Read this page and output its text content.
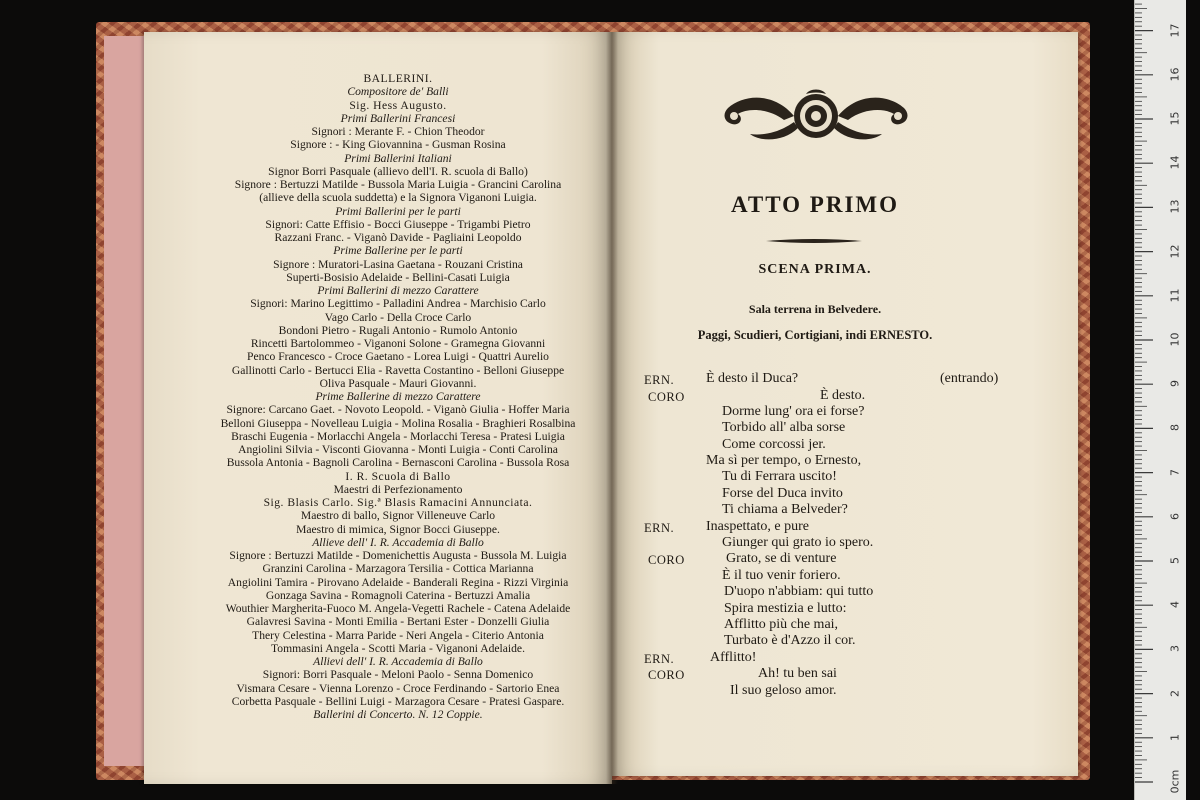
BALLERINI.
Compositore de' Balli
Sig. Hess Augusto.
Primi Ballerini Francesi
Signori : Merante F. - Chion Theodor
Signore : - King Giovannina - Gusman Rosina
Primi Ballerini Italiani
Signor Borri Pasquale (allievo dell'I. R. scuola di Ballo)
Signore : Bertuzzi Matilde - Bussola Maria Luigia - Grancini Carolina
(allieve della scuola suddetta) e la Signora Viganoni Luigia.
Primi Ballerini per le parti
Signori: Catte Effisio - Bocci Giuseppe - Trigambi Pietro
Razzani Franc. - Viganò Davide - Pagliaini Leopoldo
Prime Ballerine per le parti
Signore : Muratori-Lasina Gaetana - Rouzani Cristina
Superti-Bosisio Adelaide - Bellini-Casati Luigia
Primi Ballerini di mezzo Carattere
Signori: Marino Legittimo - Palladini Andrea - Marchisio Carlo
Vago Carlo - Della Croce Carlo
Bondoni Pietro - Rugali Antonio - Rumolo Antonio
Rincetti Bartolommeo - Viganoni Solone - Gramegna Giovanni
Penco Francesco - Croce Gaetano - Lorea Luigi - Quattri Aurelio
Gallinotti Carlo - Bertucci Elia - Ravetta Costantino - Belloni Giuseppe
Oliva Pasquale - Mauri Giovanni.
Prime Ballerine di mezzo Carattere
Signore: Carcano Gaet. - Novoto Leopold. - Viganò Giulia - Hoffer Maria
Belloni Giuseppa - Novelleau Luigia - Molina Rosalia - Braghieri Rosalbina
Braschi Eugenia - Morlacchi Angela - Morlacchi Teresa - Pratesi Luigia
Angiolini Silvia - Visconti Giovanna - Monti Luigia - Conti Carolina
Bussola Antonia - Bagnoli Carolina - Bernasconi Carolina - Bussola Rosa
I. R. Scuola di Ballo
Maestri di Perfezionamento
Sig. Blasis Carlo. Sig.ª Blasis Ramacini Annunciata.
Maestro di ballo, Signor Villeneuve Carlo
Maestro di mimica, Signor Bocci Giuseppe.
Allieve dell' I. R. Accademia di Ballo
Signore : Bertuzzi Matilde - Domenichettis Augusta - Bussola M. Luigia
Granzini Carolina - Marzagora Tersilia - Cottica Marianna
Angiolini Tamira - Pirovano Adelaide - Banderali Regina - Rizzi Virginia
Gonzaga Savina - Romagnoli Caterina - Bertuzzi Amalia
Wouthier Margherita-Fuoco M. Angela-Vegetti Rachele - Catena Adelaide
Galavresi Savina - Monti Emilia - Bertani Ester - Donzelli Giulia
Thery Celestina - Marra Paride - Neri Angela - Citerio Antonia
Tommasini Angela - Scotti Maria - Viganoni Adelaide.
Allievi dell' I. R. Accademia di Ballo
Signori: Borri Pasquale - Meloni Paolo - Senna Domenico
Vismara Cesare - Vienna Lorenzo - Croce Ferdinando - Sartorio Enea
Corbetta Pasquale - Bellini Luigi - Marzagora Cesare - Pratesi Gaspare.
Ballerini di Concerto. N. 12 Coppie.
ATTO PRIMO
SCENA PRIMA.
Sala terrena in Belvedere.
Paggi, Scudieri, Cortigiani, indi ERNESTO.
ERN. È desto il Duca?	(entrando)
CORO	È desto.
Dorme lung' ora ei forse?
Torbido all' alba sorse
Come corcossi jer.
Ma sì per tempo, o Ernesto,
Tu di Ferrara uscito!
Forse del Duca invito
Ti chiama a Belveder?
ERN. Inaspettato, e pure
Giunger qui grato io spero.
CORO	Grato, se di venture
È il tuo venir foriero.
D'uopo n'abbiam: qui tutto
Spira mestizia e lutto:
Afflitto più che mai,
Turbato è d'Azzo il cor.
ERN.	Afflitto!
CORO	Ah! tu ben sai
Il suo geloso amor.
0cm
1
2
3
4
5
6
7
8
9
10
11
12
13
14
15
16
17
